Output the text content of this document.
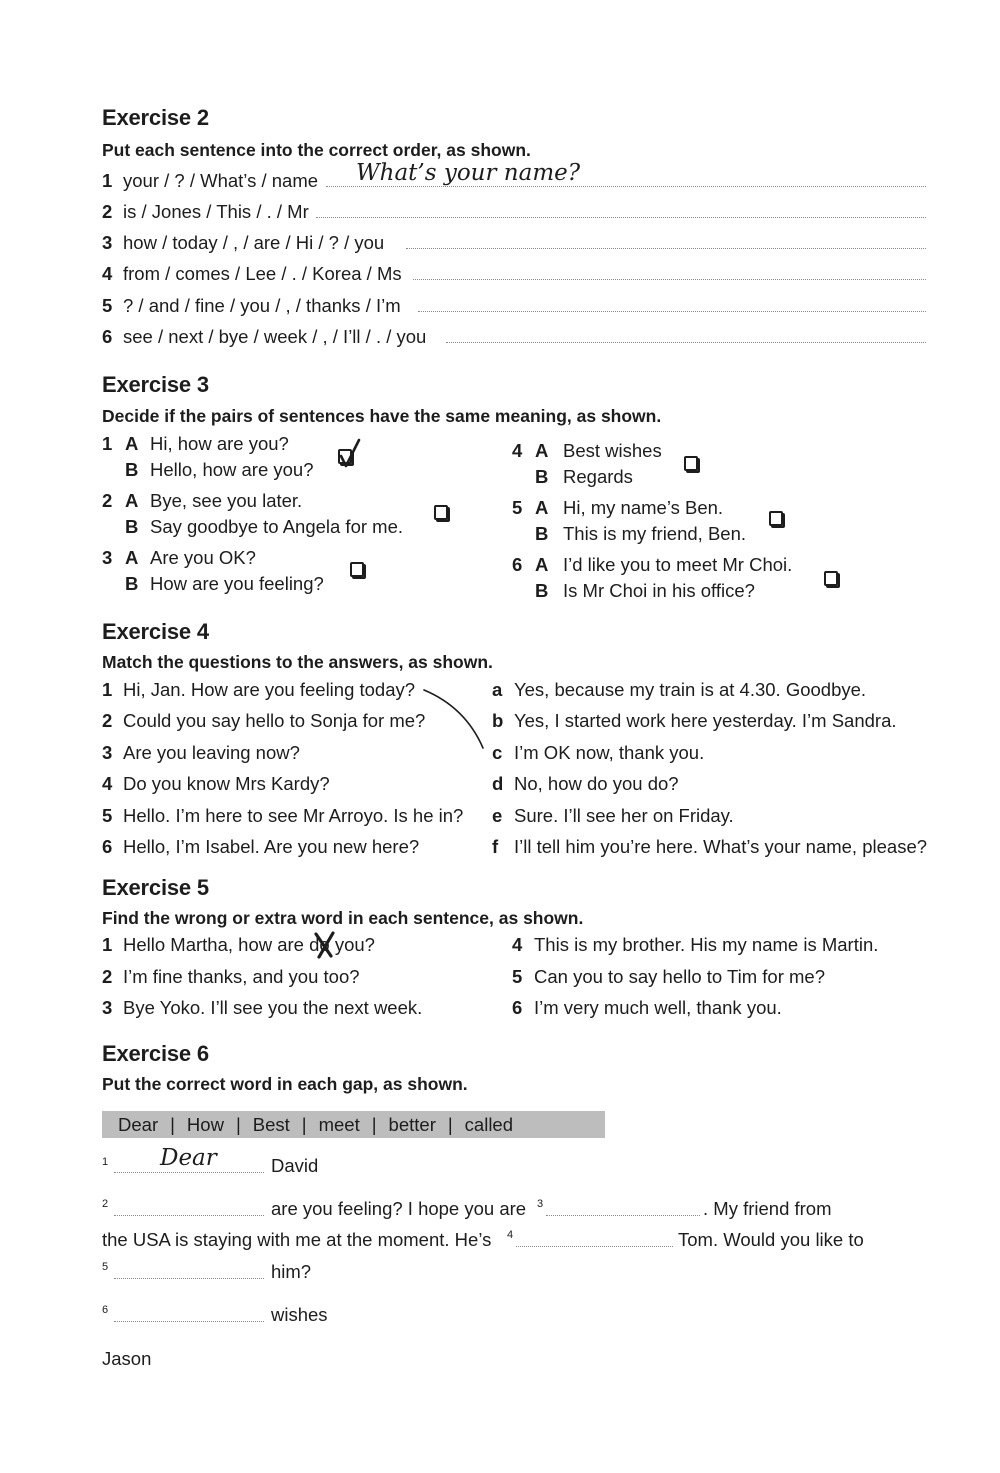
Exercise 2
Put each sentence into the correct order, as shown.
1 your / ? / What’s / name What’s your name?
2 is / Jones / This / . / Mr
3 how / today / , / are / Hi / ? / you
4 from / comes / Lee / . / Korea / Ms
5 ? / and / fine / you / , / thanks / I’m
6 see / next / bye / week / , / I’ll / . / you
Exercise 3
Decide if the pairs of sentences have the same meaning, as shown.
1 A Hi, how are you?
B Hello, how are you?
2 A Bye, see you later.
B Say goodbye to Angela for me.
3 A Are you OK?
B How are you feeling?
4 A Best wishes
B Regards
5 A Hi, my name’s Ben.
B This is my friend, Ben.
6 A I’d like you to meet Mr Choi.
B Is Mr Choi in his office?
Exercise 4
Match the questions to the answers, as shown.
1 Hi, Jan. How are you feeling today?
2 Could you say hello to Sonja for me?
3 Are you leaving now?
4 Do you know Mrs Kardy?
5 Hello. I’m here to see Mr Arroyo. Is he in?
6 Hello, I’m Isabel. Are you new here?
a Yes, because my train is at 4.30. Goodbye.
b Yes, I started work here yesterday. I’m Sandra.
c I’m OK now, thank you.
d No, how do you do?
e Sure. I’ll see her on Friday.
f I’ll tell him you’re here. What’s your name, please?
Exercise 5
Find the wrong or extra word in each sentence, as shown.
1 Hello Martha, how are do you?
2 I’m fine thanks, and you too?
3 Bye Yoko. I’ll see you the next week.
4 This is my brother. His my name is Martin.
5 Can you to say hello to Tim for me?
6 I’m very much well, thank you.
Exercise 6
Put the correct word in each gap, as shown.
Dear | How | Best | meet | better | called
1 Dear	David
2	are you feeling? I hope you are 3	. My friend from
the USA is staying with me at the moment. He’s 4	Tom. Would you like to
5	him?
6	wishes
Jason
